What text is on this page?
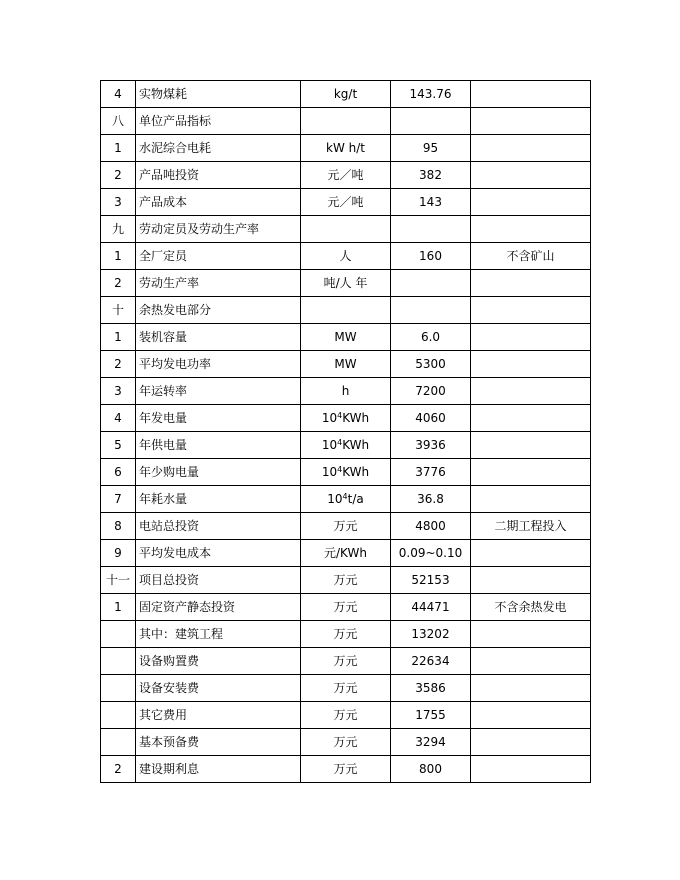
4	实物煤耗	kg/t	143.76	
八	单位产品指标			
1	水泥综合电耗	kW h/t	95	
2	产品吨投资	元／吨	382	
3	产品成本	元／吨	143	
九	劳动定员及劳动生产率			
1	全厂定员	人	160	不含矿山
2	劳动生产率	吨/人 年		
十	余热发电部分			
1	装机容量	MW	6.0	
2	平均发电功率	MW	5300	
3	年运转率	h	7200	
4	年发电量	$10^4KWh$	4060	
5	年供电量	$10^4KWh$	3936	
6	年少购电量	$10^4KWh$	3776	
7	年耗水量	$10^4t/a$	36.8	
8	电站总投资	万元	4800	二期工程投入
9	平均发电成本	元/KWh	0.09~0.10	
十一	项目总投资	万元	52153	
1	固定资产静态投资	万元	44471	不含余热发电
	其中：建筑工程	万元	13202	
	设备购置费	万元	22634	
	设备安装费	万元	3586	
	其它费用	万元	1755	
	基本预备费	万元	3294	
2	建设期利息	万元	800	
